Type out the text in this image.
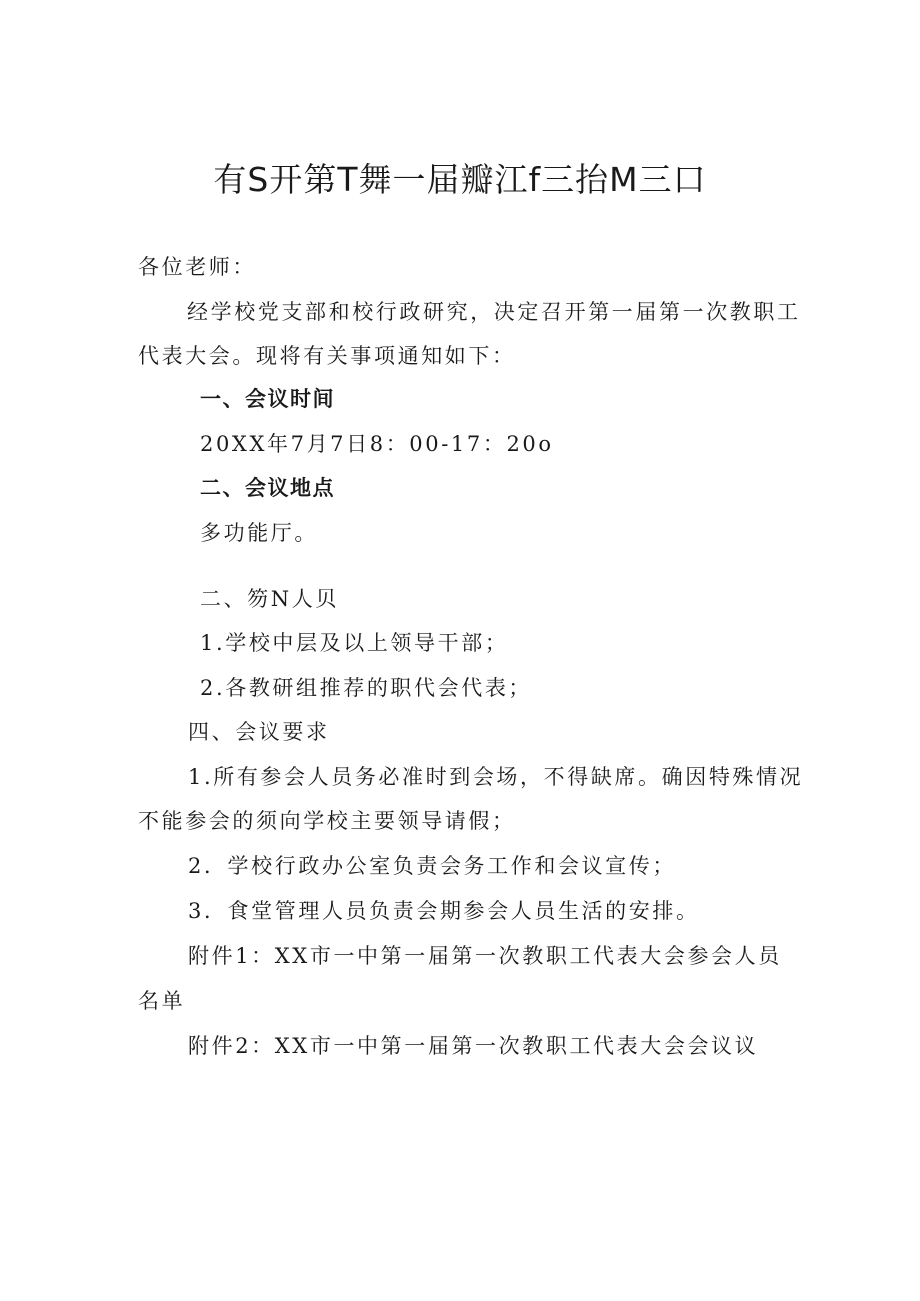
有S开第T舞一届瓣江f三抬M三口
各位老师：
经学校党支部和校行政研究，决定召开第一届第一次教职工
代表大会。现将有关事项通知如下：
一、会议时间
20XX年7月7日8：00-17：20o
二、会议地点
多功能厅。
二、笏N人贝
1.学校中层及以上领导干部；
2.各教研组推荐的职代会代表；
四、会议要求
1.所有参会人员务必准时到会场，不得缺席。确因特殊情况
不能参会的须向学校主要领导请假；
2．学校行政办公室负责会务工作和会议宣传；
3．食堂管理人员负责会期参会人员生活的安排。
附件1：XX市一中第一届第一次教职工代表大会参会人员
名单
附件2：XX市一中第一届第一次教职工代表大会会议议
